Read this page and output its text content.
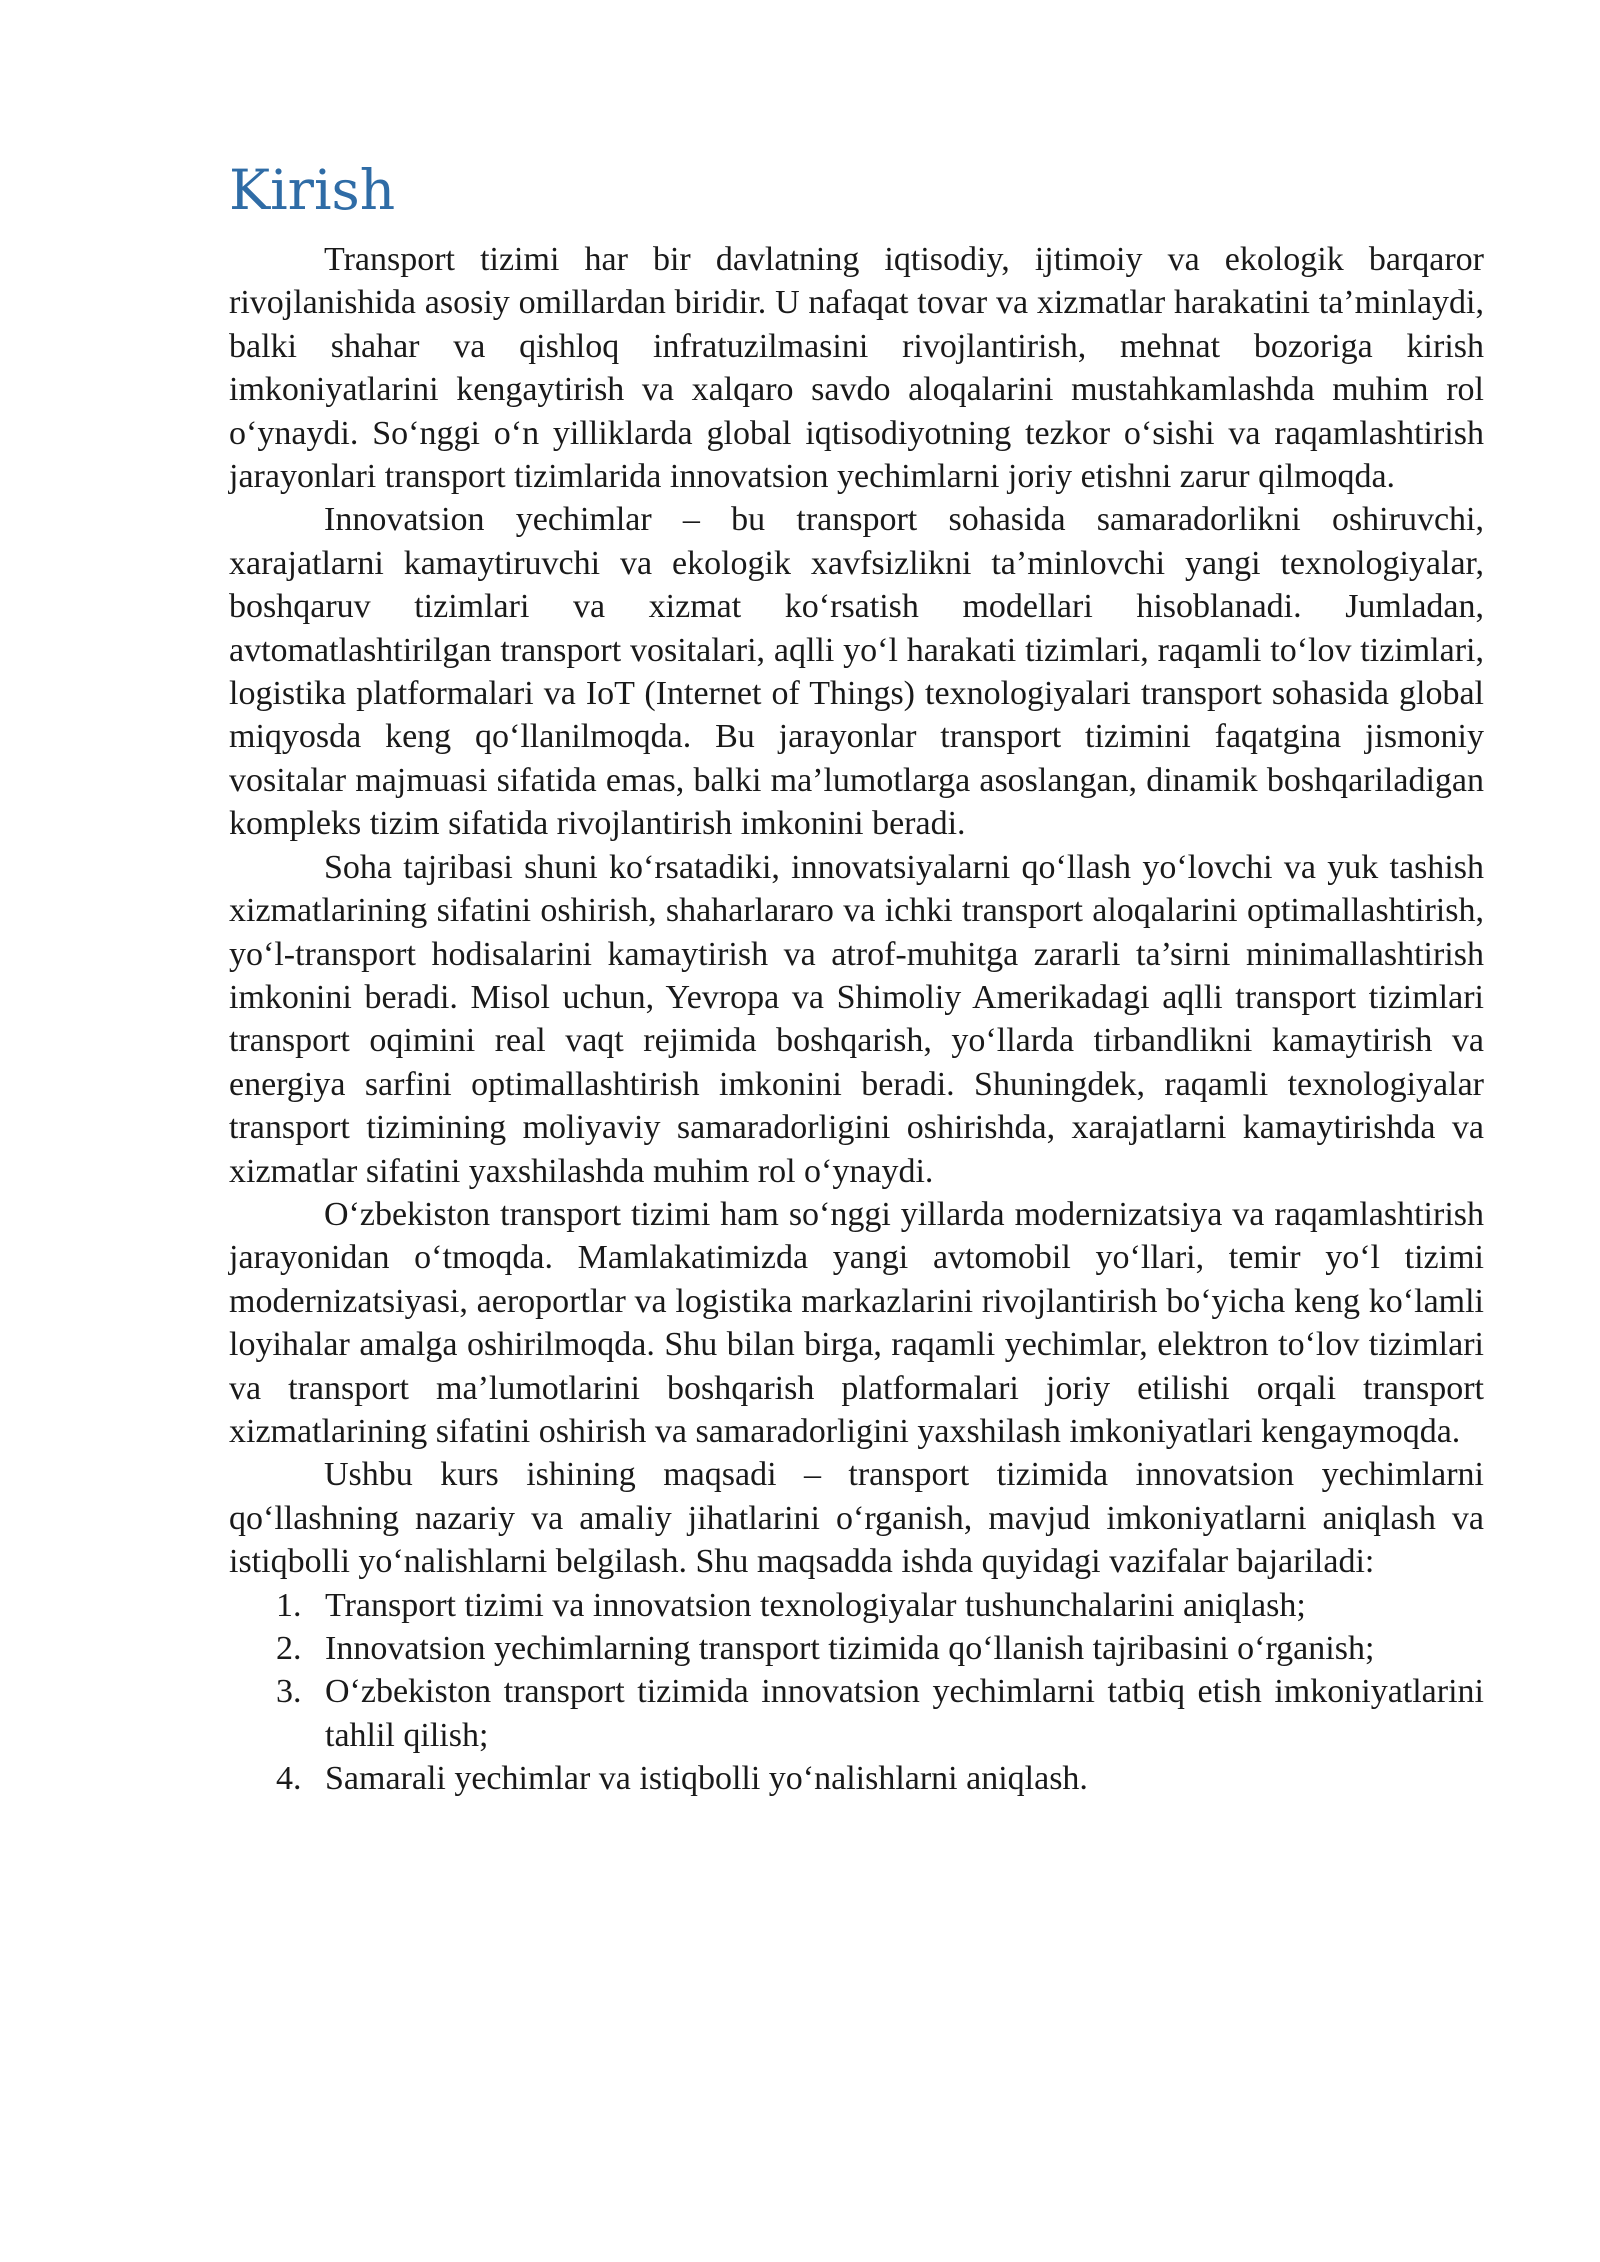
Kirish

Transport tizimi har bir davlatning iqtisodiy, ijtimoiy va ekologik barqaror rivojlanishida asosiy omillardan biridir. U nafaqat tovar va xizmatlar harakatini ta’minlaydi, balki shahar va qishloq infratuzilmasini rivojlantirish, mehnat bozoriga kirish imkoniyatlarini kengaytirish va xalqaro savdo aloqalarini mustahkamlashda muhim rol o‘ynaydi. So‘nggi o‘n yilliklarda global iqtisodiyotning tezkor o‘sishi va raqamlashtirish jarayonlari transport tizimlarida innovatsion yechimlarni joriy etishni zarur qilmoqda.

Innovatsion yechimlar – bu transport sohasida samaradorlikni oshiruvchi, xarajatlarni kamaytiruvchi va ekologik xavfsizlikni ta’minlovchi yangi texnologiyalar, boshqaruv tizimlari va xizmat ko‘rsatish modellari hisoblanadi. Jumladan, avtomatlashtirilgan transport vositalari, aqlli yo‘l harakati tizimlari, raqamli to‘lov tizimlari, logistika platformalari va IoT (Internet of Things) texnologiyalari transport sohasida global miqyosda keng qo‘llanilmoqda. Bu jarayonlar transport tizimini faqatgina jismoniy vositalar majmuasi sifatida emas, balki ma’lumotlarga asoslangan, dinamik boshqariladigan kompleks tizim sifatida rivojlantirish imkonini beradi.

Soha tajribasi shuni ko‘rsatadiki, innovatsiyalarni qo‘llash yo‘lovchi va yuk tashish xizmatlarining sifatini oshirish, shaharlararo va ichki transport aloqalarini optimallashtirish, yo‘l-transport hodisalarini kamaytirish va atrof-muhitga zararli ta’sirni minimallashtirish imkonini beradi. Misol uchun, Yevropa va Shimoliy Amerikadagi aqlli transport tizimlari transport oqimini real vaqt rejimida boshqarish, yo‘llarda tirbandlikni kamaytirish va energiya sarfini optimallashtirish imkonini beradi. Shuningdek, raqamli texnologiyalar transport tizimining moliyaviy samaradorligini oshirishda, xarajatlarni kamaytirishda va xizmatlar sifatini yaxshilashda muhim rol o‘ynaydi.

O‘zbekiston transport tizimi ham so‘nggi yillarda modernizatsiya va raqamlashtirish jarayonidan o‘tmoqda. Mamlakatimizda yangi avtomobil yo‘llari, temir yo‘l tizimi modernizatsiyasi, aeroportlar va logistika markazlarini rivojlantirish bo‘yicha keng ko‘lamli loyihalar amalga oshirilmoqda. Shu bilan birga, raqamli yechimlar, elektron to‘lov tizimlari va transport ma’lumotlarini boshqarish platformalari joriy etilishi orqali transport xizmatlarining sifatini oshirish va samaradorligini yaxshilash imkoniyatlari kengaymoqda.

Ushbu kurs ishining maqsadi – transport tizimida innovatsion yechimlarni qo‘llashning nazariy va amaliy jihatlarini o‘rganish, mavjud imkoniyatlarni aniqlash va istiqbolli yo‘nalishlarni belgilash. Shu maqsadda ishda quyidagi vazifalar bajariladi:

1. Transport tizimi va innovatsion texnologiyalar tushunchalarini aniqlash;
2. Innovatsion yechimlarning transport tizimida qo‘llanish tajribasini o‘rganish;
3. O‘zbekiston transport tizimida innovatsion yechimlarni tatbiq etish imkoniyatlarini tahlil qilish;
4. Samarali yechimlar va istiqbolli yo‘nalishlarni aniqlash.
